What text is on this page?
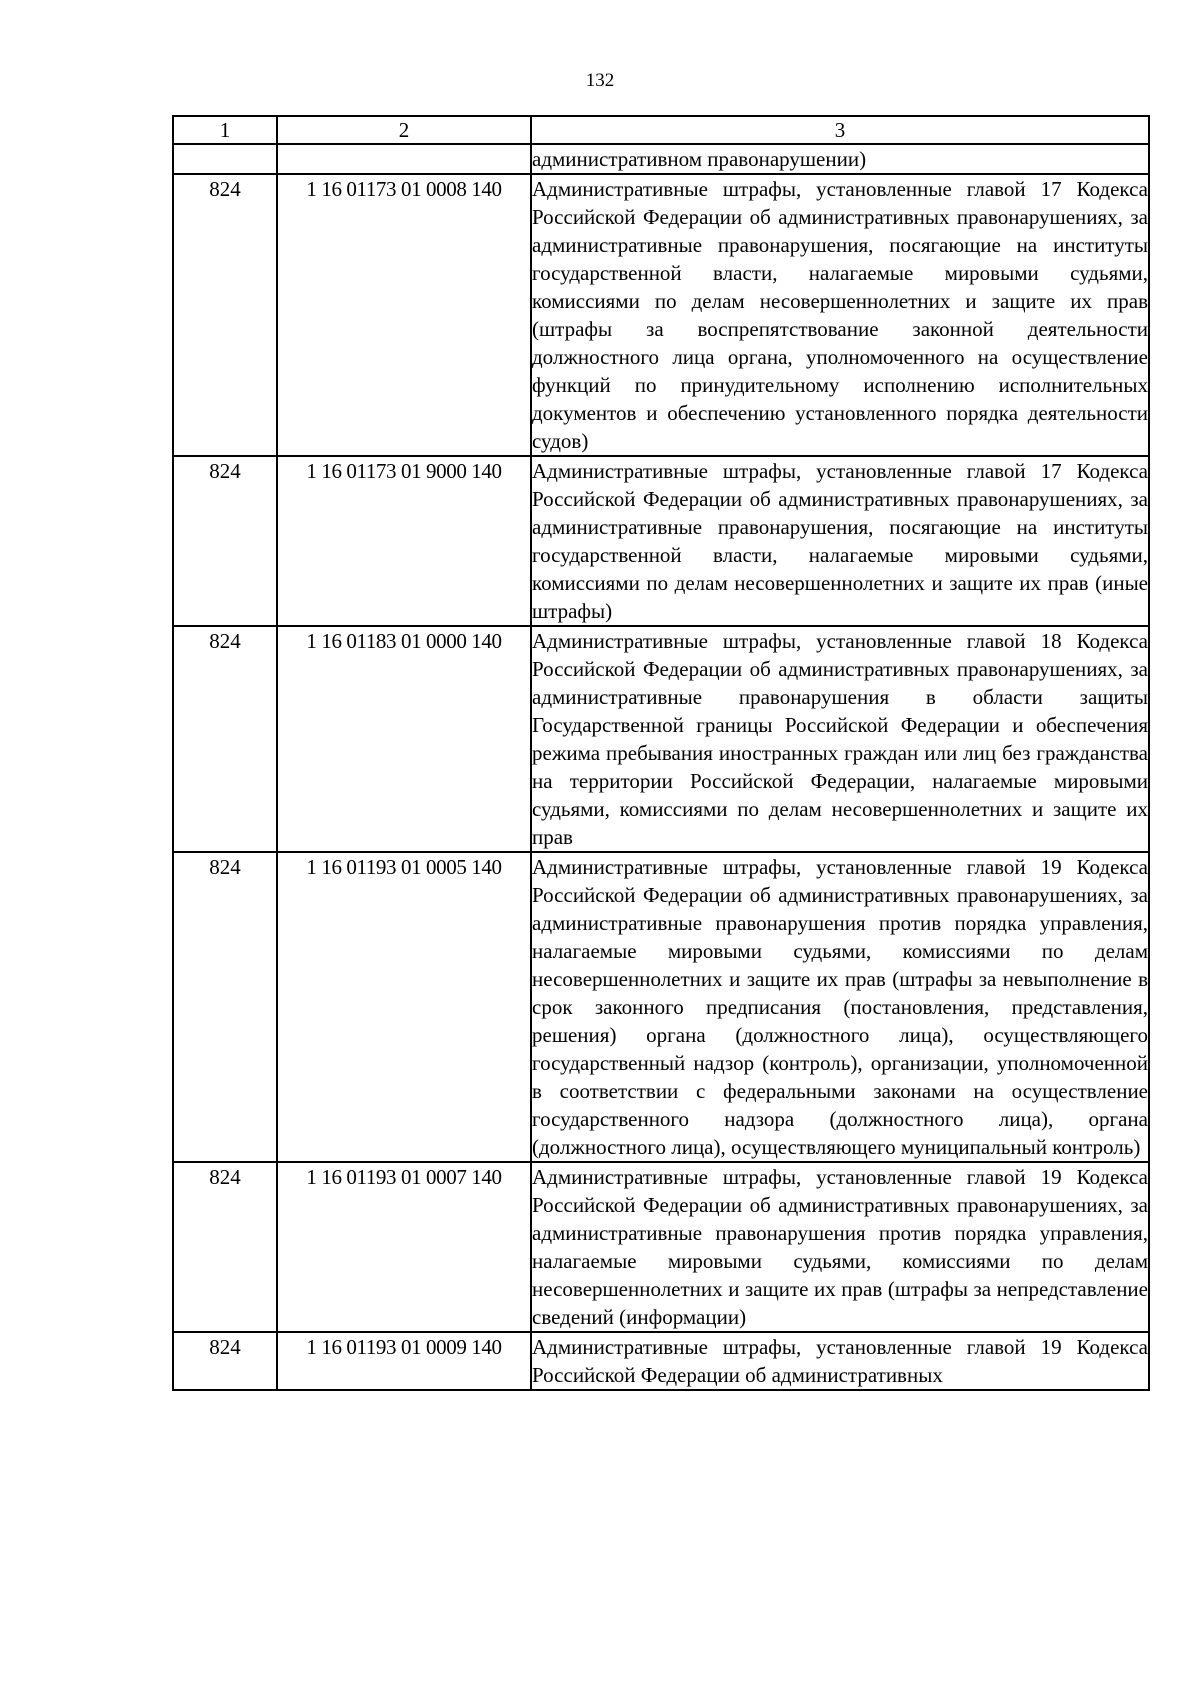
132
1	2	3
		административном правонарушении)
824	1 16 01173 01 0008 140	Административные штрафы, установленные главой 17 Кодекса Российской Федерации об административных правонарушениях, за административные правонарушения, посягающие на институты государственной власти, налагаемые мировыми судьями, комиссиями по делам несовершеннолетних и защите их прав (штрафы за воспрепятствование законной деятельности должностного лица органа, уполномоченного на осуществление функций по принудительному исполнению исполнительных документов и обеспечению установленного порядка деятельности судов)
824	1 16 01173 01 9000 140	Административные штрафы, установленные главой 17 Кодекса Российской Федерации об административных правонарушениях, за административные правонарушения, посягающие на институты государственной власти, налагаемые мировыми судьями, комиссиями по делам несовершеннолетних и защите их прав (иные штрафы)
824	1 16 01183 01 0000 140	Административные штрафы, установленные главой 18 Кодекса Российской Федерации об административных правонарушениях, за административные правонарушения в области защиты Государственной границы Российской Федерации и обеспечения режима пребывания иностранных граждан или лиц без гражданства на территории Российской Федерации, налагаемые мировыми судьями, комиссиями по делам несовершеннолетних и защите их прав
824	1 16 01193 01 0005 140	Административные штрафы, установленные главой 19 Кодекса Российской Федерации об административных правонарушениях, за административные правонарушения против порядка управления, налагаемые мировыми судьями, комиссиями по делам несовершеннолетних и защите их прав (штрафы за невыполнение в срок законного предписания (постановления, представления, решения) органа (должностного лица), осуществляющего государственный надзор (контроль), организации, уполномоченной в соответствии с федеральными законами на осуществление государственного надзора (должностного лица), органа (должностного лица), осуществляющего муниципальный контроль)
824	1 16 01193 01 0007 140	Административные штрафы, установленные главой 19 Кодекса Российской Федерации об административных правонарушениях, за административные правонарушения против порядка управления, налагаемые мировыми судьями, комиссиями по делам несовершеннолетних и защите их прав (штрафы за непредставление сведений (информации)
824	1 16 01193 01 0009 140	Административные штрафы, установленные главой 19 Кодекса Российской Федерации об административных
